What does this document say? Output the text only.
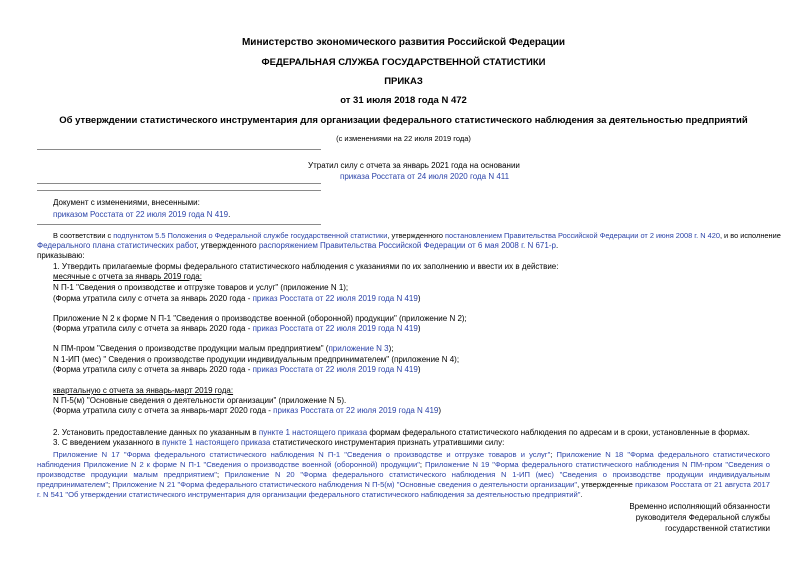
Министерство экономического развития Российской Федерации
ФЕДЕРАЛЬНАЯ СЛУЖБА ГОСУДАРСТВЕННОЙ СТАТИСТИКИ
ПРИКАЗ
от 31 июля 2018 года N 472
Об утверждении статистического инструментария для организации федерального статистического наблюдения за деятельностью предприятий
(с изменениями на 22 июля 2019 года)
Утратил силу с отчета за январь 2021 года на основании
приказа Росстата от 24 июля 2020 года N 411
Документ с изменениями, внесенными:
приказом Росстата от 22 июля 2019 года N 419.
В соответствии с подпунктом 5.5 Положения о Федеральной службе государственной статистики, утвержденного постановлением Правительства Российской Федерации от 2 июня 2008 г. N 420, и во исполнение
Федерального плана статистических работ, утвержденного распоряжением Правительства Российской Федерации от 6 мая 2008 г. N 671-р.
приказываю:
1. Утвердить прилагаемые формы федерального статистического наблюдения с указаниями по их заполнению и ввести их в действие:
месячные с отчета за январь 2019 года:
N П-1 "Сведения о производстве и отгрузке товаров и услуг" (приложение N 1);
(Форма утратила силу с отчета за январь 2020 года - приказ Росстата от 22 июля 2019 года N 419)
Приложение N 2 к форме N П-1 "Сведения о производстве военной (оборонной) продукции" (приложение N 2);
(Форма утратила силу с отчета за январь 2020 года - приказ Росстата от 22 июля 2019 года N 419)
N ПМ-пром "Сведения о производстве продукции малым предприятием" (приложение N 3);
N 1-ИП (мес) " Сведения о производстве продукции индивидуальным предпринимателем" (приложение N 4);
(Форма утратила силу с отчета за январь 2020 года - приказ Росстата от 22 июля 2019 года N 419)
квартальную с отчета за январь-март 2019 года:
N П-5(м) "Основные сведения о деятельности организации" (приложение N 5).
(Форма утратила силу с отчета за январь-март 2020 года - приказ Росстата от 22 июля 2019 года N 419)
2. Установить предоставление данных по указанным в пункте 1 настоящего приказа формам федерального статистического наблюдения по адресам и в сроки, установленные в формах.
3. С введением указанного в пункте 1 настоящего приказа статистического инструментария признать утратившими силу:
Приложение N 17 "Форма федерального статистического наблюдения N П-1 "Сведения о производстве и отгрузке товаров и услуг"; Приложение N 18 "Форма федерального статистического наблюдения Приложение N 2 к форме N П-1 "Сведения о производстве военной (оборонной) продукции"; Приложение N 19 "Форма федерального статистического наблюдения N ПМ-пром "Сведения о производстве продукции малым предприятием"; Приложение N 20 "Форма федерального статистического наблюдения N 1-ИП (мес) "Сведения о производстве продукции индивидуальным предпринимателем"; Приложение N 21 "Форма федерального статистического наблюдения N П-5(м) "Основные сведения о деятельности организации", утвержденные приказом Росстата от 21 августа 2017 г. N 541 "Об утверждении статистического инструментария для организации федерального статистического наблюдения за деятельностью предприятий".
Временно исполняющий обязанности
руководителя Федеральной службы
государственной статистики
